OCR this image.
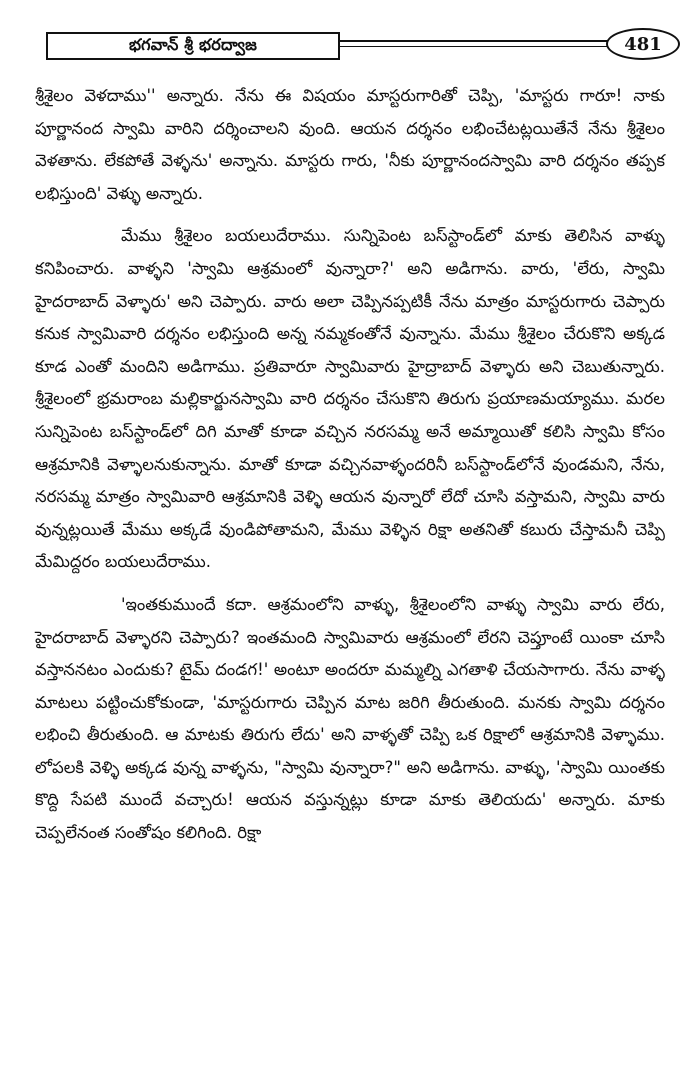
భగవాన్ శ్రీ భరద్వాజ	481

శ్రీశైలం వెళదాము'' అన్నారు. నేను ఈ విషయం మాస్టరుగారితో చెప్పి, 'మాస్టరు గారూ! నాకు పూర్ణానంద స్వామి వారిని దర్శించాలని వుంది. ఆయన దర్శనం లభించేటట్లయితేనే నేను శ్రీశైలం వెళతాను. లేకపోతే వెళ్ళను' అన్నాను. మాస్టరు గారు, 'నీకు పూర్ణానందస్వామి వారి దర్శనం తప్పక లభిస్తుంది' వెళ్ళు అన్నారు.

మేము శ్రీశైలం బయలుదేరాము. సున్నిపెంట బస్‌స్టాండ్‌లో మాకు తెలిసిన వాళ్ళు కనిపించారు. వాళ్ళని 'స్వామి ఆశ్రమంలో వున్నారా?' అని అడిగాను. వారు, 'లేరు, స్వామి హైదరాబాద్ వెళ్ళారు' అని చెప్పారు. వారు అలా చెప్పినప్పటికీ నేను మాత్రం మాస్టరుగారు చెప్పారు కనుక స్వామివారి దర్శనం లభిస్తుంది అన్న నమ్మకంతోనే వున్నాను. మేము శ్రీశైలం చేరుకొని అక్కడ కూడ ఎంతో మందిని అడిగాము. ప్రతివారూ స్వామివారు హైద్రాబాద్ వెళ్ళారు అని చెబుతున్నారు. శ్రీశైలంలో భ్రమరాంబ మల్లికార్జునస్వామి వారి దర్శనం చేసుకొని తిరుగు ప్రయాణమయ్యాము. మరల సున్నిపెంట బస్‌స్టాండ్‌లో దిగి మాతో కూడా వచ్చిన నరసమ్మ అనే అమ్మాయితో కలిసి స్వామి కోసం ఆశ్రమానికి వెళ్ళాలనుకున్నాను. మాతో కూడా వచ్చినవాళ్ళందరినీ బస్‌స్టాండ్‌లోనే వుండమని, నేను, నరసమ్మ మాత్రం స్వామివారి ఆశ్రమానికి వెళ్ళి ఆయన వున్నారో లేదో చూసి వస్తామని, స్వామి వారు వున్నట్లయితే మేము అక్కడే వుండిపోతామని, మేము వెళ్ళిన రిక్షా అతనితో కబురు చేస్తామనీ చెప్పి మేమిద్దరం బయలుదేరాము.

'ఇంతకుముందే కదా. ఆశ్రమంలోని వాళ్ళు, శ్రీశైలంలోని వాళ్ళు స్వామి వారు లేరు, హైదరాబాద్ వెళ్ళారని చెప్పారు? ఇంతమంది స్వామివారు ఆశ్రమంలో లేరని చెప్తూంటే యింకా చూసి వస్తాననటం ఎందుకు? టైమ్ దండగ!' అంటూ అందరూ మమ్మల్ని ఎగతాళి చేయసాగారు. నేను వాళ్ళ మాటలు పట్టించుకోకుండా, 'మాస్టరుగారు చెప్పిన మాట జరిగి తీరుతుంది. మనకు స్వామి దర్శనం లభించి తీరుతుంది. ఆ మాటకు తిరుగు లేదు' అని వాళ్ళతో చెప్పి ఒక రిక్షాలో ఆశ్రమానికి వెళ్ళాము. లోపలకి వెళ్ళి అక్కడ వున్న వాళ్ళను, "స్వామి వున్నారా?" అని అడిగాను. వాళ్ళు, 'స్వామి యింతకు కొద్ది సేపటి ముందే వచ్చారు! ఆయన వస్తున్నట్లు కూడా మాకు తెలియదు' అన్నారు. మాకు చెప్పలేనంత సంతోషం కలిగింది. రిక్షా
